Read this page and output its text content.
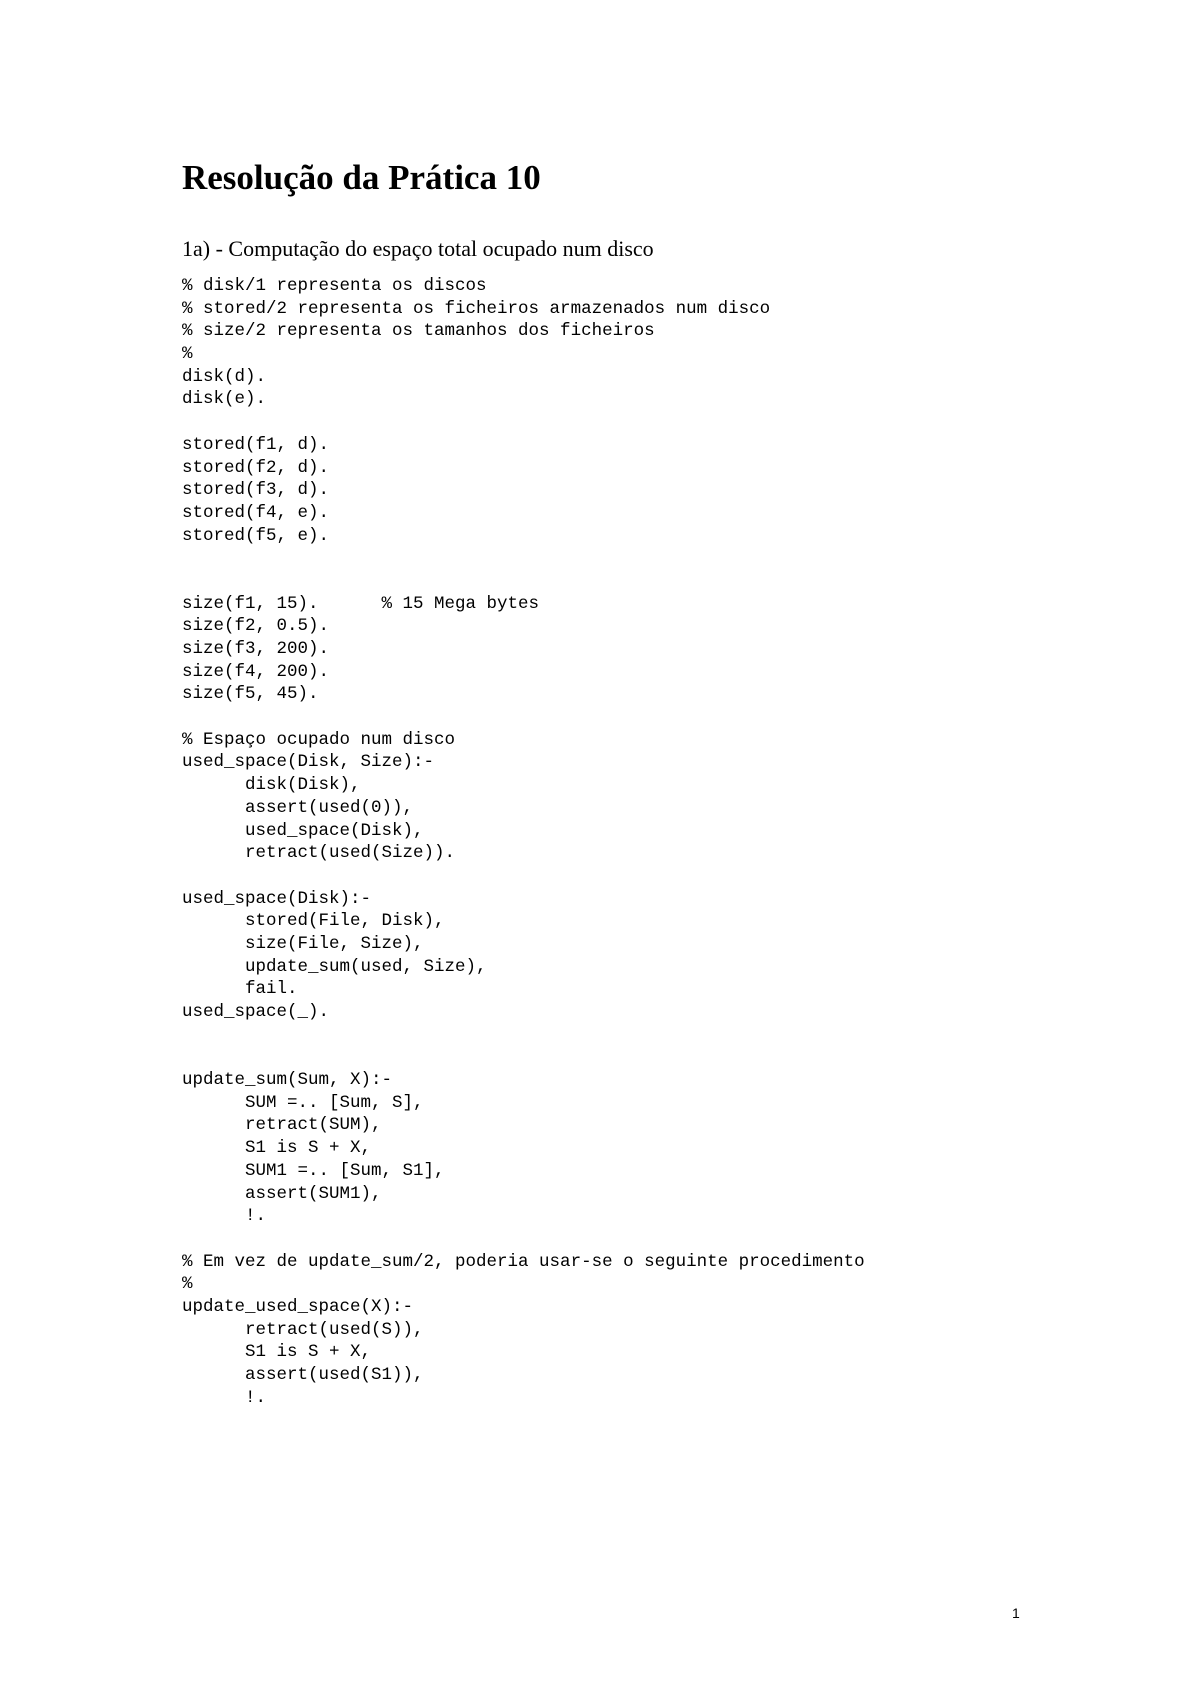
Resolução da Prática 10
1a) - Computação do espaço total ocupado num disco
% disk/1 representa os discos
% stored/2 representa os ficheiros armazenados num disco
% size/2 representa os tamanhos dos ficheiros
%
disk(d).
disk(e).
stored(f1, d).
stored(f2, d).
stored(f3, d).
stored(f4, e).
stored(f5, e).
size(f1, 15).      % 15 Mega bytes
size(f2, 0.5).
size(f3, 200).
size(f4, 200).
size(f5, 45).
% Espaço ocupado num disco
used_space(Disk, Size):-
disk(Disk),
assert(used(0)),
used_space(Disk),
retract(used(Size)).
used_space(Disk):-
stored(File, Disk),
size(File, Size),
update_sum(used, Size),
fail.
used_space(_).
update_sum(Sum, X):-
SUM =.. [Sum, S],
retract(SUM),
S1 is S + X,
SUM1 =.. [Sum, S1],
assert(SUM1),
!.
% Em vez de update_sum/2, poderia usar-se o seguinte procedimento
%
update_used_space(X):-
retract(used(S)),
S1 is S + X,
assert(used(S1)),
!.
1
